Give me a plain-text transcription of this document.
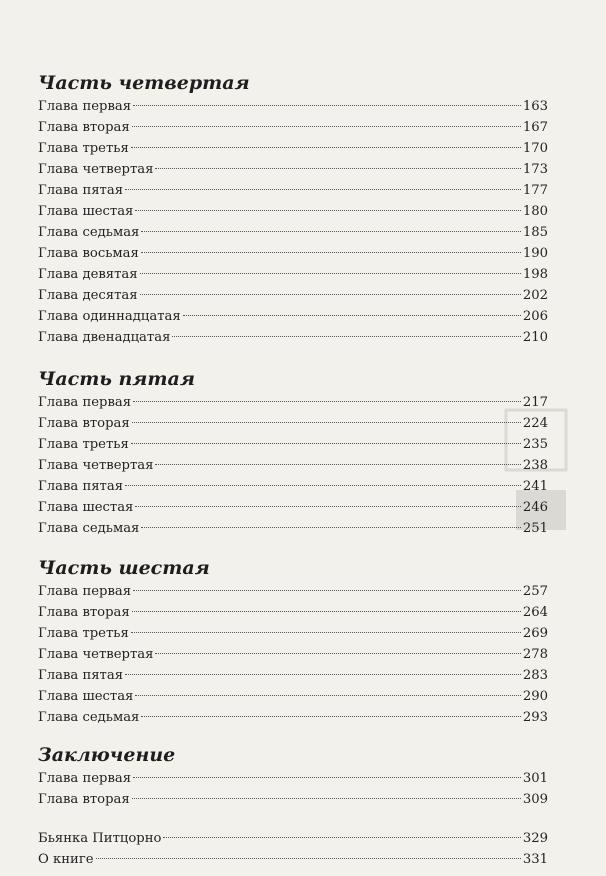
Часть четвертая
Глава первая	163
Глава вторая	167
Глава третья	170
Глава четвертая	173
Глава пятая	177
Глава шестая	180
Глава седьмая	185
Глава восьмая	190
Глава девятая	198
Глава десятая	202
Глава одиннадцатая	206
Глава двенадцатая	210
Часть пятая
Глава первая	217
Глава вторая	224
Глава третья	235
Глава четвертая	238
Глава пятая	241
Глава шестая	246
Глава седьмая	251
Часть шестая
Глава первая	257
Глава вторая	264
Глава третья	269
Глава четвертая	278
Глава пятая	283
Глава шестая	290
Глава седьмая	293
Заключение
Глава первая	301
Глава вторая	309
Бьянка Питцорно	329
О книге	331
